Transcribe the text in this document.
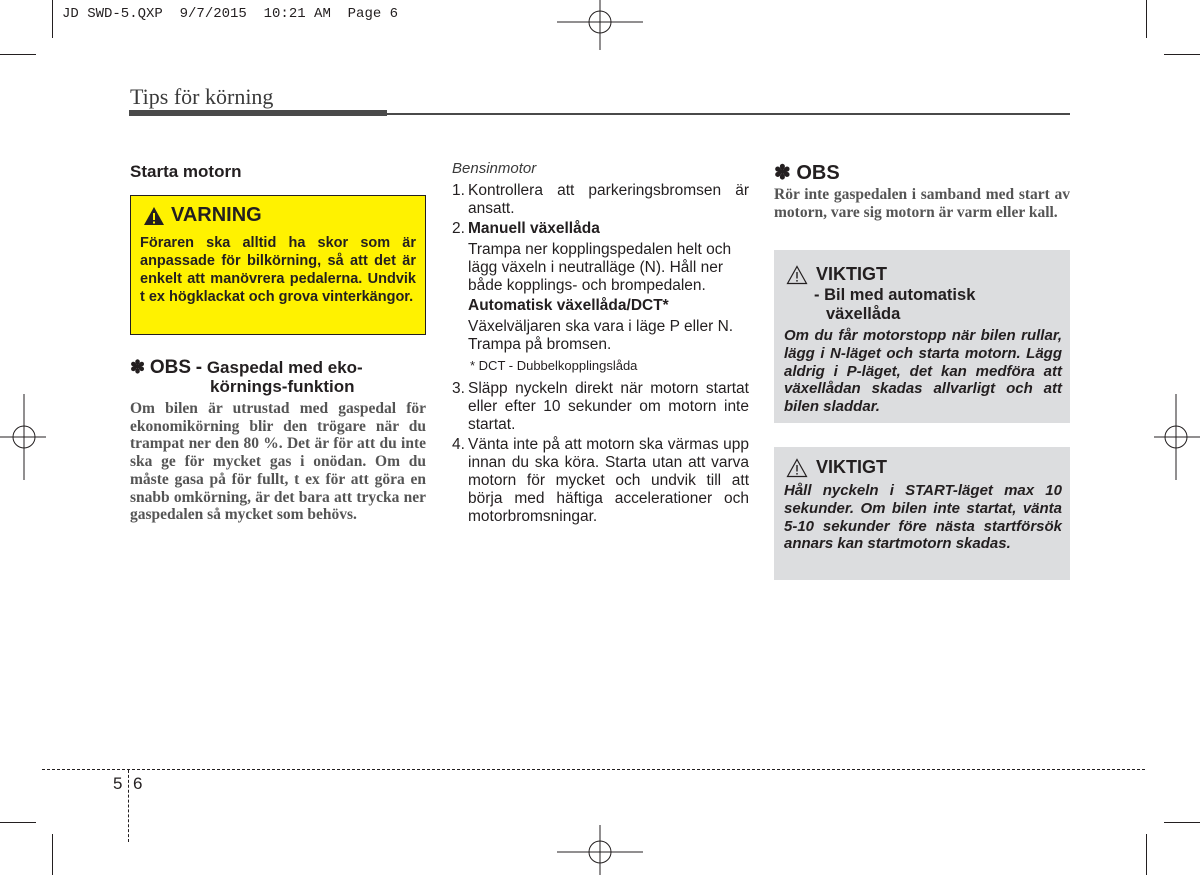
JD SWD-5.QXP  9/7/2015  10:21 AM  Page 6
Tips för körning
Starta motorn
VARNING
Föraren ska alltid ha skor som är anpassade för bilkörning, så att det är enkelt att manövrera pedalerna. Undvik t ex högklackat och grova vinterkängor.
✽ OBS - Gaspedal med eko-
körnings-funktion
Om bilen är utrustad med gaspedal för ekonomikörning blir den trögare när du trampat ner den 80 %. Det är för att du inte ska ge för mycket gas i onödan. Om du måste gasa på för fullt, t ex för att göra en snabb omkörning, är det bara att trycka ner gaspedalen så mycket som behövs.
Bensinmotor
1. Kontrollera att parkeringsbromsen är ansatt.
2. Manuell växellåda
Trampa ner kopplingspedalen helt och lägg växeln i neutralläge (N). Håll ner både kopplings- och brompedalen.
Automatisk växellåda/DCT*
Växelväljaren ska vara i läge P eller N. Trampa på bromsen.
* DCT - Dubbelkopplingslåda
3. Släpp nyckeln direkt när motorn startat eller efter 10 sekunder om motorn inte startat.
4. Vänta inte på att motorn ska värmas upp innan du ska köra. Starta utan att varva motorn för mycket och undvik till att börja med häftiga accelerationer och motorbromsningar.
✽ OBS
Rör inte gaspedalen i samband med start av motorn, vare sig motorn är varm eller kall.
VIKTIGT
- Bil med automatisk
växellåda
Om du får motorstopp när bilen rullar, lägg i N-läget och starta motorn. Lägg aldrig i P-läget, det kan medföra att växellådan skadas allvarligt och att bilen sladdar.
VIKTIGT
Håll nyckeln i START-läget max 10 sekunder. Om bilen inte startat, vänta 5-10 sekunder före nästa startförsök annars kan startmotorn skadas.
5 6
